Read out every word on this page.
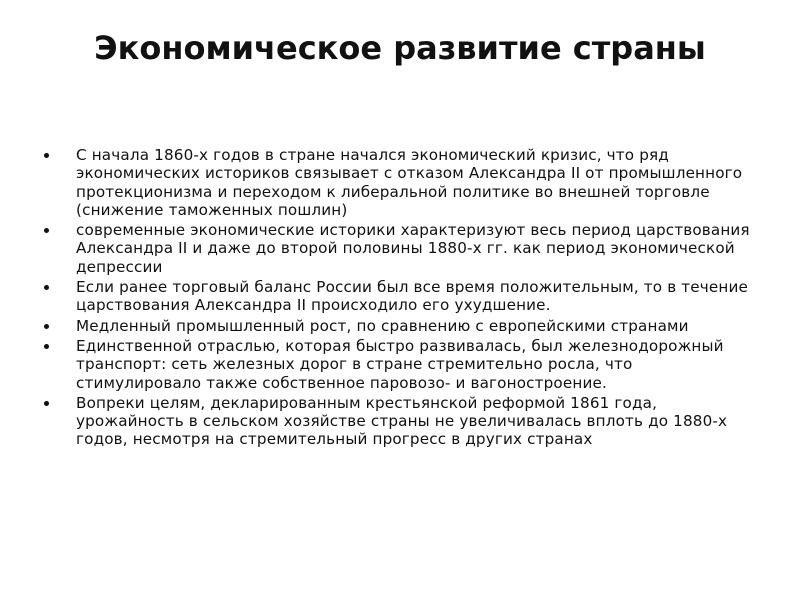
Экономическое развитие страны
С начала 1860-х годов в стране начался экономический кризис, что ряд экономических историков связывает с отказом Александра II от промышленного протекционизма и переходом к либеральной политике во внешней торговле (снижение таможенных пошлин)
современные экономические историки характеризуют весь период царствования Александра II и даже до второй половины 1880-х гг. как период экономической депрессии
Если ранее торговый баланс России был все время положительным, то в течение царствования Александра II происходило его ухудшение.
Медленный промышленный рост, по сравнению с европейскими странами
Единственной отраслью, которая быстро развивалась, был железнодорожный транспорт: сеть железных дорог в стране стремительно росла, что стимулировало также собственное паровозо- и вагоностроение.
Вопреки целям, декларированным крестьянской реформой 1861 года, урожайность в сельском хозяйстве страны не увеличивалась вплоть до 1880-х годов, несмотря на стремительный прогресс в других странах
